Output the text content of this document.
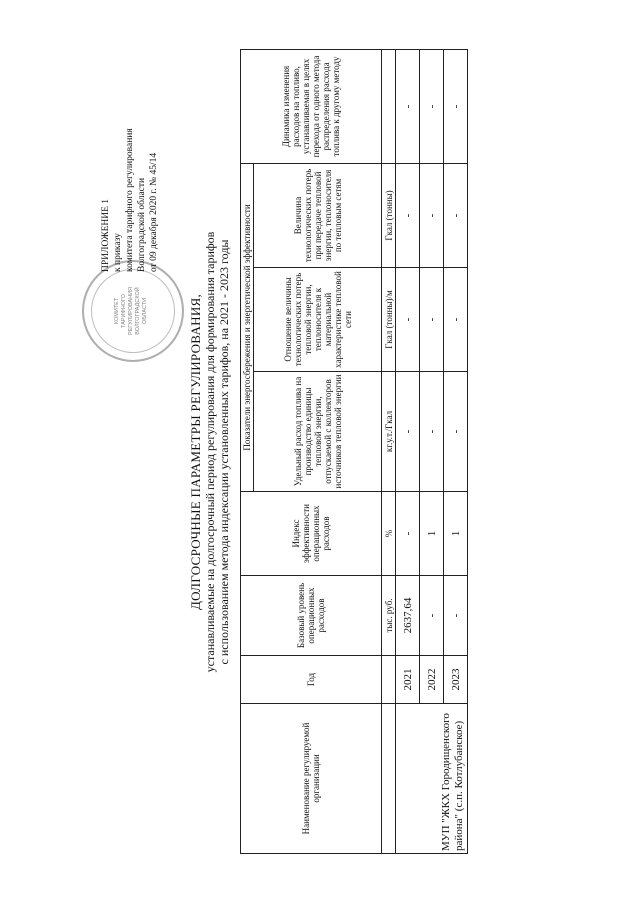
КОМИТЕТ
ТАРИФНОГО
РЕГУЛИРОВАНИЯ
ВОЛГОГРАДСКОЙ
ОБЛАСТИ
ПРИЛОЖЕНИЕ 1 к приказу комитета тарифного регулирования Волгоградской области от 09 декабря 2020 г. № 45/14
ДОЛГОСРОЧНЫЕ ПАРАМЕТРЫ РЕГУЛИРОВАНИЯ, устанавливаемые на долгосрочный период регулирования для формирования тарифов с использованием метода индексации установленных тарифов, на 2021 - 2023 годы
Наименование регулируемой организации	Год	Базовый уровень операционных расходов	Индекс эффективности операционных расходов	Показатели энергосбережения и энергетической эффективности			Динамика изменения расходов на топливо, устанавливаемая в целях перехода от одного метода распределения расхода топлива к другому методу
				Удельный расход топлива на производство единицы тепловой энергии, отпускаемой с коллекторов источников тепловой энергии	Отношение величины технологических потерь тепловой энергии, теплоносителя к материальной характеристике тепловой сети	Величина технологических потерь при передаче тепловой энергии, теплоносителя по тепловым сетям	
		тыс. руб.	%	кг.у.т./Гкал	Гкал (тонны)/м	Гкал (тонны)	
МУП "ЖКХ Городищенского района" (с.п. Котлубанское)	2021	2637,64	-	-	-	-	-
	2022	-	1	-	-	-	-
	2023	-	1	-	-	-	-
